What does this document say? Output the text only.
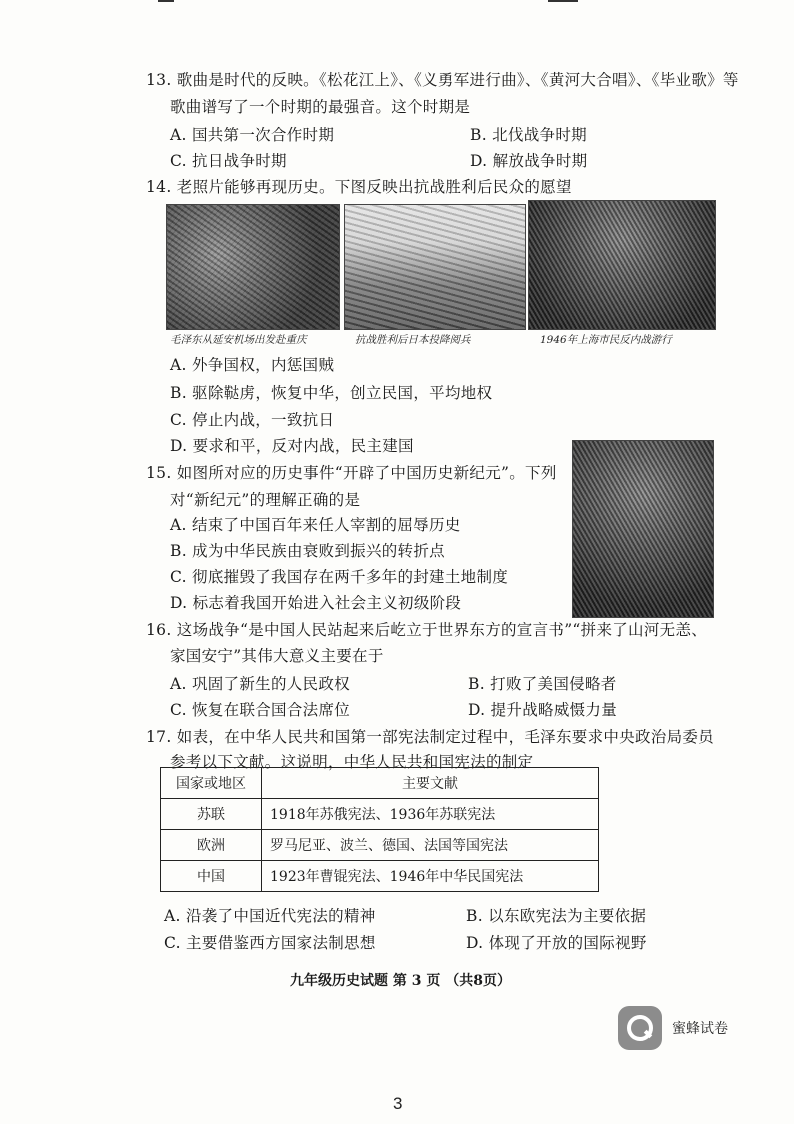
13. 歌曲是时代的反映。《松花江上》、《义勇军进行曲》、《黄河大合唱》、《毕业歌》等
歌曲谱写了一个时期的最强音。这个时期是
A. 国共第一次合作时期	B. 北伐战争时期
C. 抗日战争时期	D. 解放战争时期
14. 老照片能够再现历史。下图反映出抗战胜利后民众的愿望
毛泽东从延安机场出发赴重庆	抗战胜利后日本投降阅兵	1946年上海市民反内战游行
A. 外争国权，内惩国贼
B. 驱除鞑虏，恢复中华，创立民国，平均地权
C. 停止内战，一致抗日
D. 要求和平，反对内战，民主建国
15. 如图所对应的历史事件“开辟了中国历史新纪元”。下列
对“新纪元”的理解正确的是
A. 结束了中国百年来任人宰割的屈辱历史
B. 成为中华民族由衰败到振兴的转折点
C. 彻底摧毁了我国存在两千多年的封建土地制度
D. 标志着我国开始进入社会主义初级阶段
16. 这场战争“是中国人民站起来后屹立于世界东方的宣言书”“拼来了山河无恙、
家国安宁”其伟大意义主要在于
A. 巩固了新生的人民政权	B. 打败了美国侵略者
C. 恢复在联合国合法席位	D. 提升战略威慑力量
17. 如表，在中华人民共和国第一部宪法制定过程中，毛泽东要求中央政治局委员
参考以下文献。这说明，中华人民共和国宪法的制定
国家或地区	主要文献
苏联	1918年苏俄宪法、1936年苏联宪法
欧洲	罗马尼亚、波兰、德国、法国等国宪法
中国	1923年曹锟宪法、1946年中华民国宪法
A. 沿袭了中国近代宪法的精神	B. 以东欧宪法为主要依据
C. 主要借鉴西方国家法制思想	D. 体现了开放的国际视野
九年级历史试题 第 3 页 （共8页）
蜜蜂试卷
3
